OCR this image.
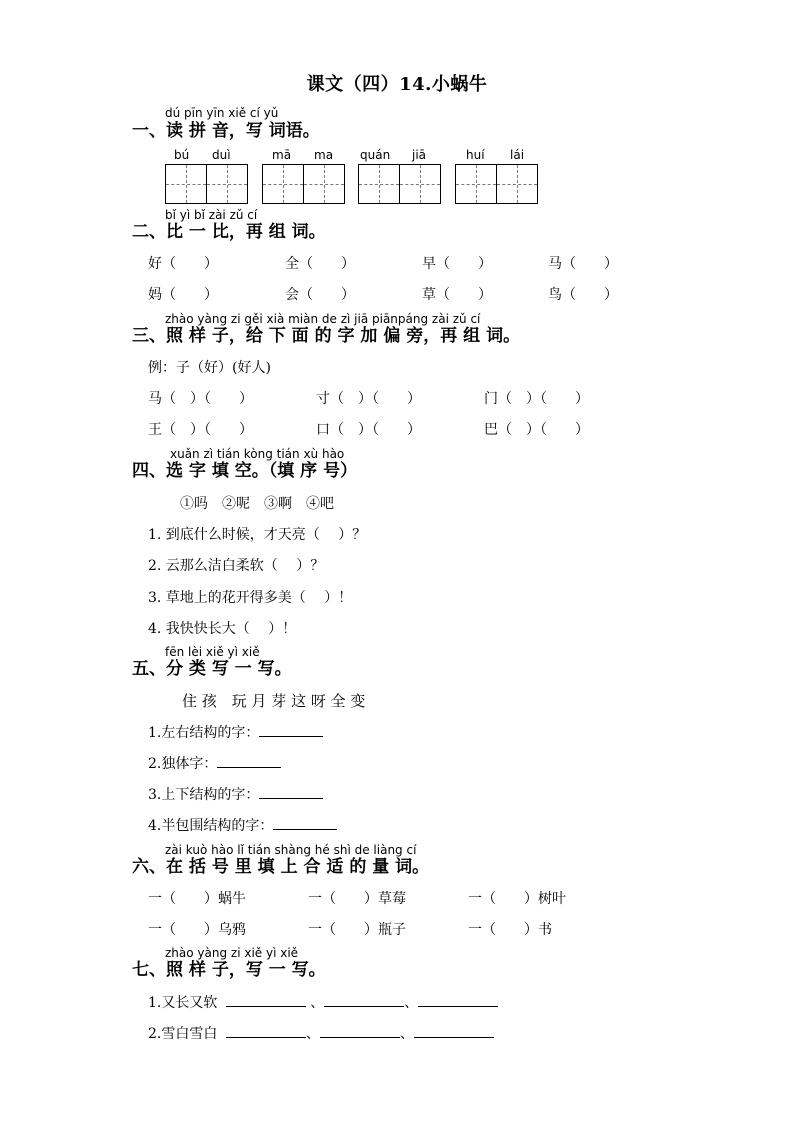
课文（四）14.小蜗牛
dú pīn yīn xiě cí yǔ
一、读 拼 音，写 词语。
bú duì	mā ma quán jiā	huí lái
bǐ yì bǐ zài zǔ cí
二、比 一 比，再 组 词。
好（　　）	全（　　）	早（　　）	马（　　）
妈（　　）	会（　　）	草（　　）	鸟（　　）
zhào yàng zi gěi xià miàn de zì jiā piānpáng zài zǔ cí
三、照 样 子，给 下 面 的 字 加 偏 旁，再 组 词。
例：子（好）(好人)
马（　）（　　）	寸（　）（　　）	门（　）（　　）
王（　）（　　）	口（　）（　　）	巴（　）（　　）
xuǎn zì tián kòng tián xù hào
四、选 字 填 空。（填 序 号）
①吗　②呢　③啊　④吧
1. 到底什么时候，才天亮（　 ）？
2. 云那么洁白柔软（　 ）？
3. 草地上的花开得多美（　 ）！
4. 我快快长大（　 ）！
fēn lèi xiě yì xiě
五、分 类 写 一 写。
住 孩　玩 月 芽 这 呀 全 变
1.左右结构的字：
2.独体字：
3.上下结构的字：
4.半包围结构的字：
zài kuò hào lǐ tián shàng hé shì de liàng cí
六、在 括 号 里 填 上 合 适 的 量 词。
一（　　）蜗牛	一（　　）草莓	一（　　）树叶
一（　　）乌鸦	一（　　）瓶子	一（　　）书
zhào yàng zi xiě yì xiě
七、照 样 子，写 一 写。
1.又长又软	、	、
2.雪白雪白	、	、
